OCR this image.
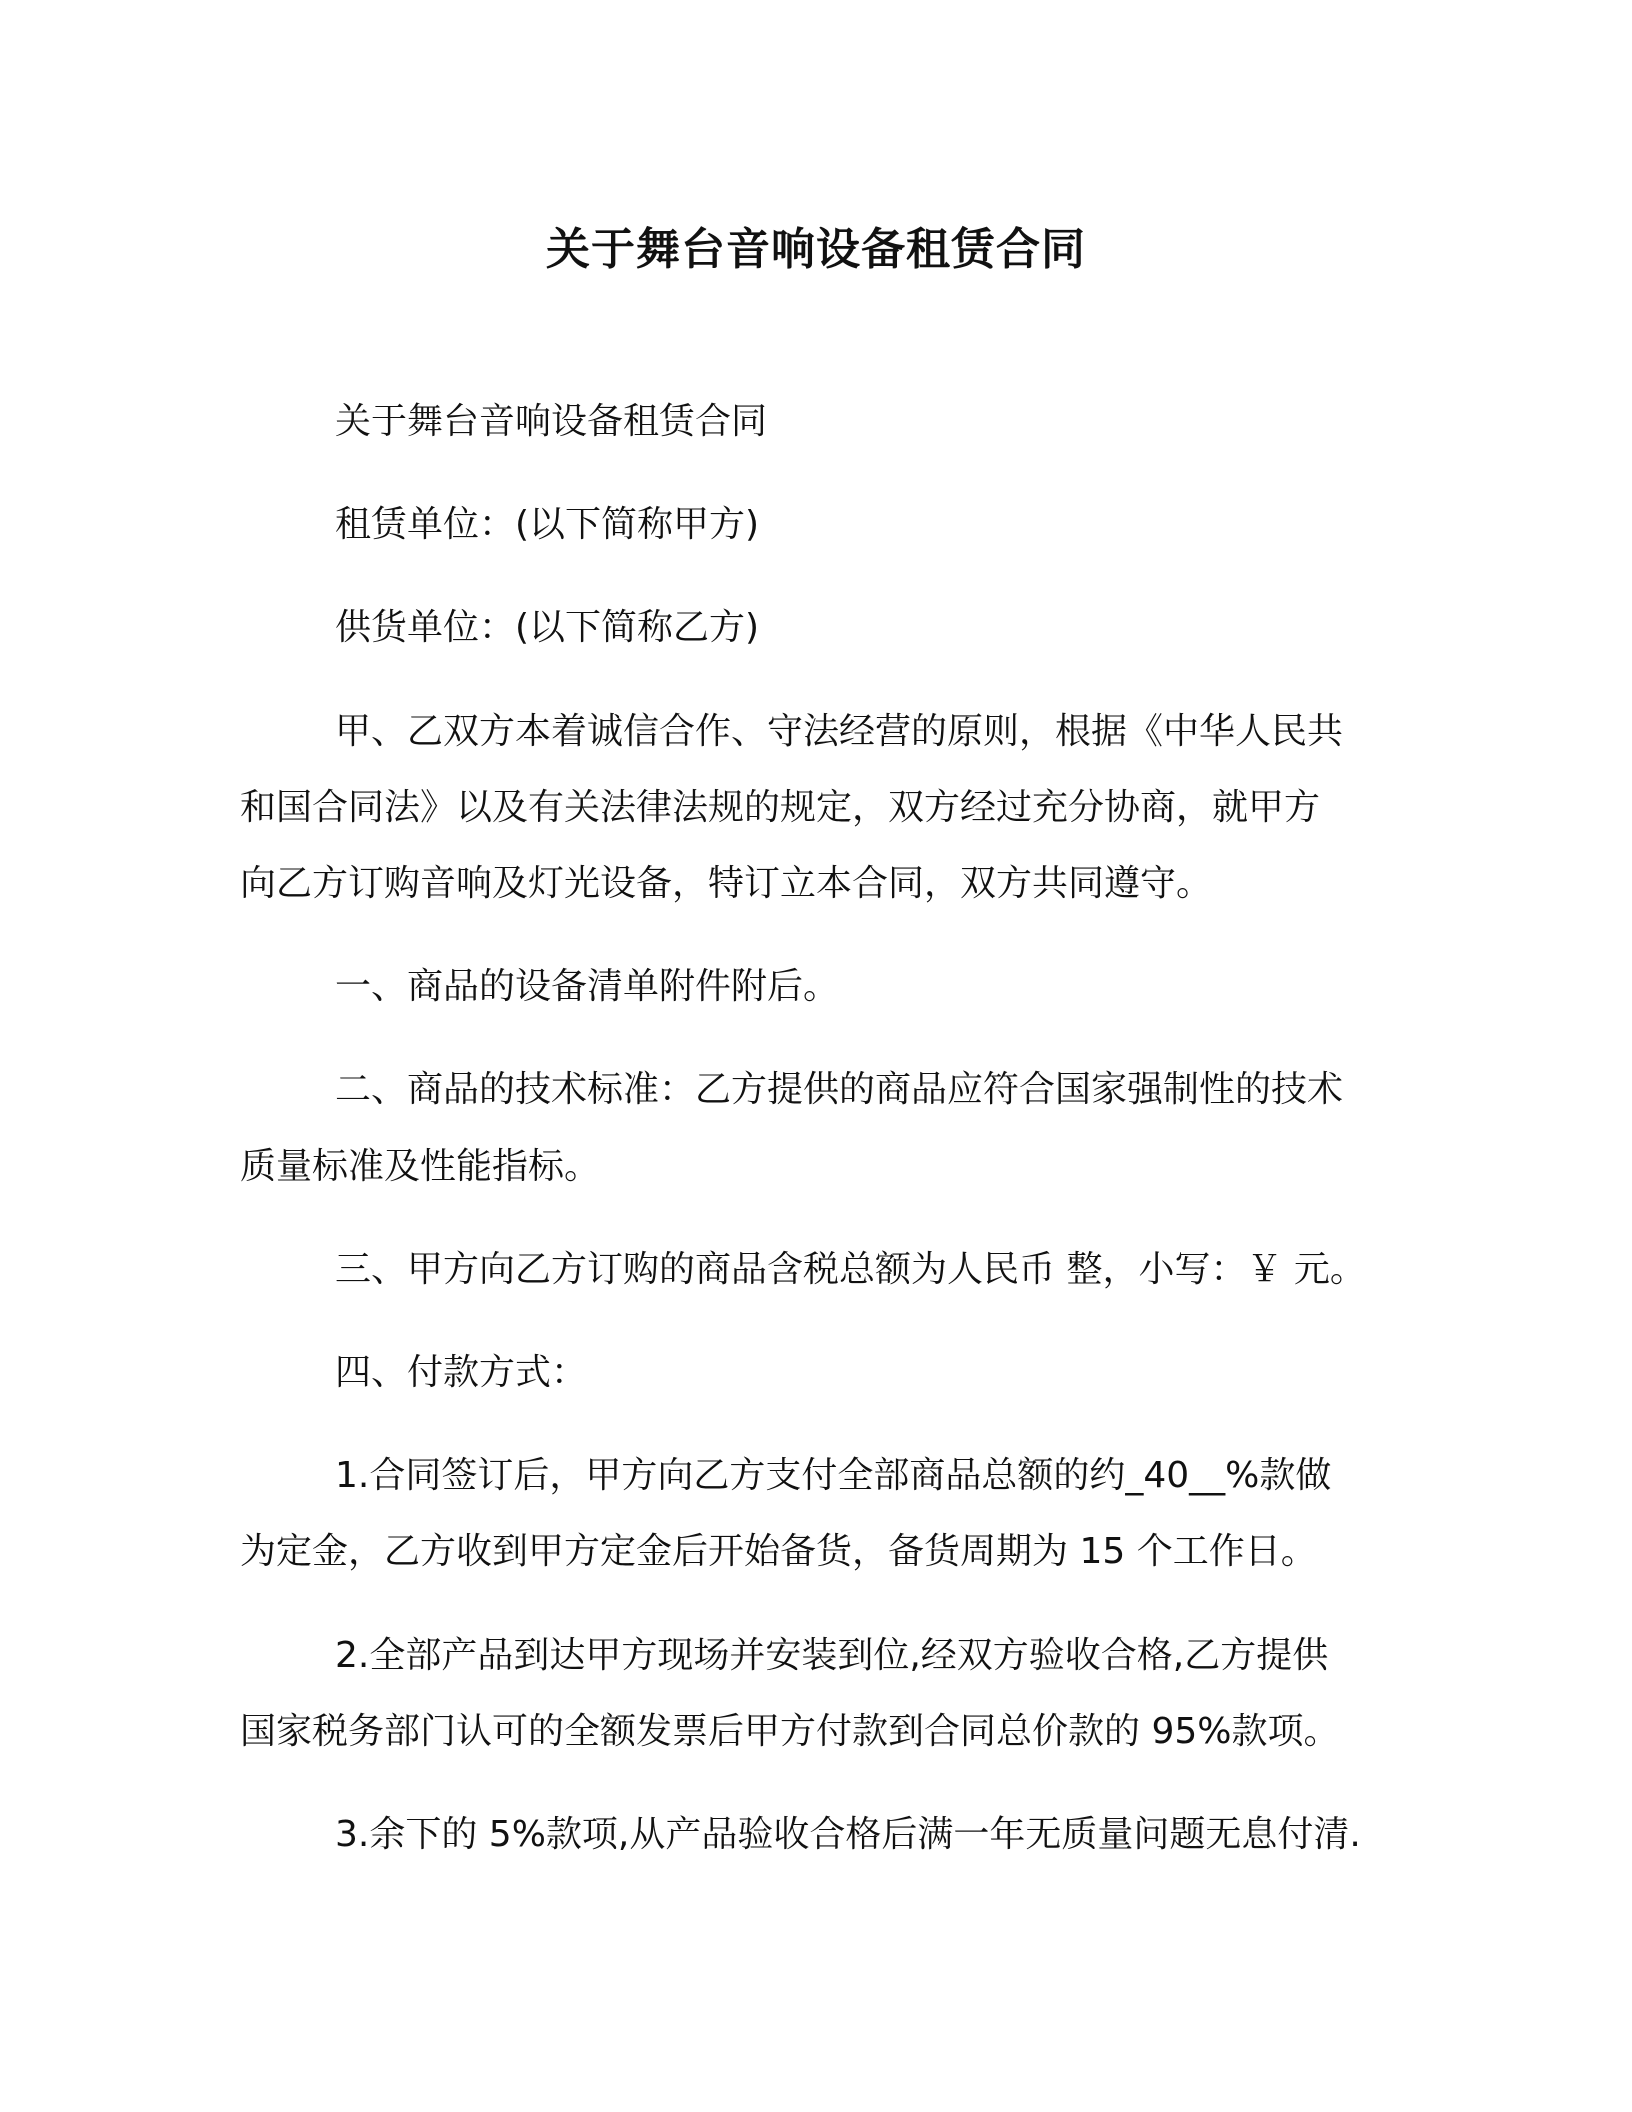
关于舞台音响设备租赁合同
关于舞台音响设备租赁合同
租赁单位：(以下简称甲方)
供货单位：(以下简称乙方)
甲、乙双方本着诚信合作、守法经营的原则，根据《中华人民共
和国合同法》以及有关法律法规的规定，双方经过充分协商，就甲方
向乙方订购音响及灯光设备，特订立本合同，双方共同遵守。
一、商品的设备清单附件附后。
二、商品的技术标准：乙方提供的商品应符合国家强制性的技术
质量标准及性能指标。
三、甲方向乙方订购的商品含税总额为人民币 整，小写：￥ 元。
四、付款方式：
1.合同签订后，甲方向乙方支付全部商品总额的约_40__%款做
为定金，乙方收到甲方定金后开始备货，备货周期为 15 个工作日。
2.全部产品到达甲方现场并安装到位,经双方验收合格,乙方提供
国家税务部门认可的全额发票后甲方付款到合同总价款的 95%款项。
3.余下的 5%款项,从产品验收合格后满一年无质量问题无息付清.
